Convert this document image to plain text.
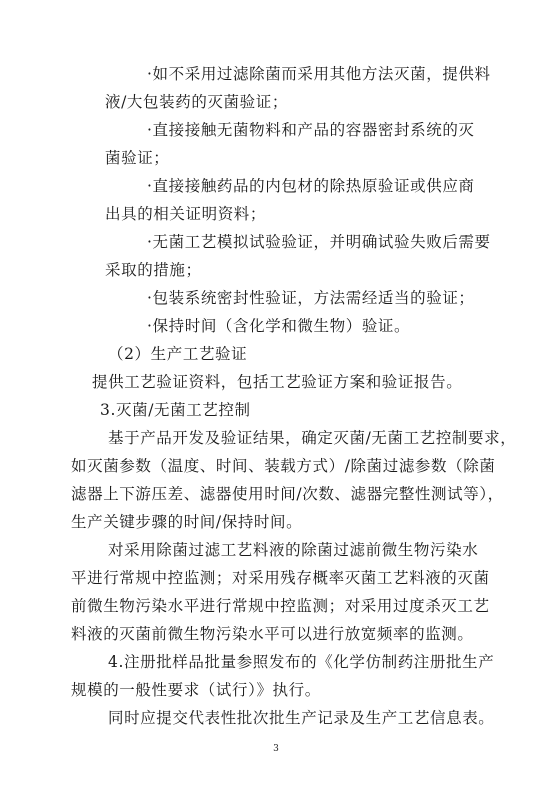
·如不采用过滤除菌而采用其他方法灭菌，提供料
液/大包装药的灭菌验证；
·直接接触无菌物料和产品的容器密封系统的灭
菌验证；
·直接接触药品的内包材的除热原验证或供应商
出具的相关证明资料；
·无菌工艺模拟试验验证，并明确试验失败后需要
采取的措施；
·包装系统密封性验证，方法需经适当的验证；
·保持时间（含化学和微生物）验证。
（2）生产工艺验证
提供工艺验证资料，包括工艺验证方案和验证报告。
3.灭菌/无菌工艺控制
基于产品开发及验证结果，确定灭菌/无菌工艺控制要求，
如灭菌参数（温度、时间、装载方式）/除菌过滤参数（除菌
滤器上下游压差、滤器使用时间/次数、滤器完整性测试等），
生产关键步骤的时间/保持时间。
对采用除菌过滤工艺料液的除菌过滤前微生物污染水
平进行常规中控监测；对采用残存概率灭菌工艺料液的灭菌
前微生物污染水平进行常规中控监测；对采用过度杀灭工艺
料液的灭菌前微生物污染水平可以进行放宽频率的监测。
4.注册批样品批量参照发布的《化学仿制药注册批生产
规模的一般性要求（试行）》执行。
同时应提交代表性批次批生产记录及生产工艺信息表。
3
